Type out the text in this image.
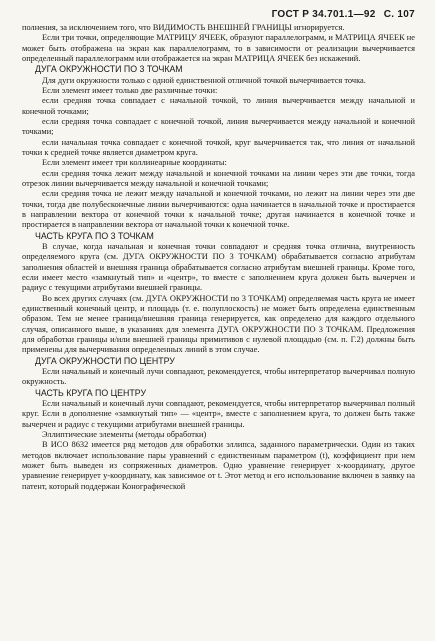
ГОСТ Р 34.701.1—92 С. 107

полнения, за исключением того, что ВИДИМОСТЬ ВНЕШНЕЙ ГРАНИЦЫ игнорируется.

Если три точки, определяющие МАТРИЦУ ЯЧЕЕК, образуют параллелограмм, и МАТРИЦА ЯЧЕЕК не может быть отображена на экран как параллелограмм, то в зависимости от реализации вычерчивается определенный параллелограмм или отображается на экран МАТРИЦА ЯЧЕЕК без искажений.

ДУГА ОКРУЖНОСТИ ПО 3 ТОЧКАМ

Для дуги окружности только с одной единственной отличной точкой вычерчивается точка.

Если элемент имеет только две различные точки:

если средняя точка совпадает с начальной точкой, то линия вычерчивается между начальной и конечной точками;

если средняя точка совпадает с конечной точкой, линия вычерчивается между начальной и конечной точками;

если начальная точка совпадает с конечной точкой, круг вычерчивается так, что линия от начальной точки к средней точке является диаметром круга.

Если элемент имеет три коллинеарные координаты:

если средняя точка лежит между начальной и конечной точками на линии через эти две точки, тогда отрезок линии вычерчивается между начальной и конечной точками;

если средняя точка не лежит между начальной и конечной точками, но лежит на линии через эти две точки, тогда две полубесконечные линии вычерчиваются: одна начинается в начальной точке и простирается в направлении вектора от конечной точки к начальной точке; другая начинается в конечной точке и простирается в направлении вектора от начальной точки к конечной точке.

ЧАСТЬ КРУГА ПО 3 ТОЧКАМ

В случае, когда начальная и конечная точки совпадают и средняя точка отлична, внутренность определяемого круга (см. ДУГА ОКРУЖНОСТИ ПО 3 ТОЧКАМ) обрабатывается согласно атрибутам заполнения областей и внешняя граница обрабатывается согласно атрибутам внешней границы. Кроме того, если имеет место «замкнутый тип» и «центр», то вместе с заполнением круга должен быть вычерчен и радиус с текущими атрибутами внешней границы.

Во всех других случаях (см. ДУГА ОКРУЖНОСТИ по 3 ТОЧКАМ) определяемая часть круга не имеет единственный конечный центр, и площадь (т. е. полуплоскость) не может быть определена единственным образом. Тем не менее граница/внешняя граница генерируется, как определено для каждого отдельного случая, описанного выше, в указаниях для элемента ДУГА ОКРУЖНОСТИ ПО 3 ТОЧКАМ. Предложения для обработки границы и/или внешней границы примитивов с нулевой площадью (см. п. Г.2) должны быть применены для вычерчивания определенных линий в этом случае.

ДУГА ОКРУЖНОСТИ ПО ЦЕНТРУ

Если начальный и конечный лучи совпадают, рекомендуется, чтобы интерпретатор вычерчивал полную окружность.

ЧАСТЬ КРУГА ПО ЦЕНТРУ

Если начальный и конечный лучи совпадают, рекомендуется, чтобы интерпретатор вычерчивал полный круг. Если в дополнение «замкнутый тип» — «центр», вместе с заполнением круга, то должен быть также вычерчен и радиус с текущими атрибутами внешней границы.

Эллиптические элементы (методы обработки)

В ИСО 8632 имеется ряд методов для обработки эллипса, заданного параметрически. Один из таких методов включает использование пары уравнений с единственным параметром (t), коэффициент при нем может быть выведен из сопряженных диаметров. Одно уравнение генерирует x-координату, другое уравнение генерирует y-координату, как зависимое от t. Этот метод и его использование включен в заявку на патент, который поддержан Конографической
